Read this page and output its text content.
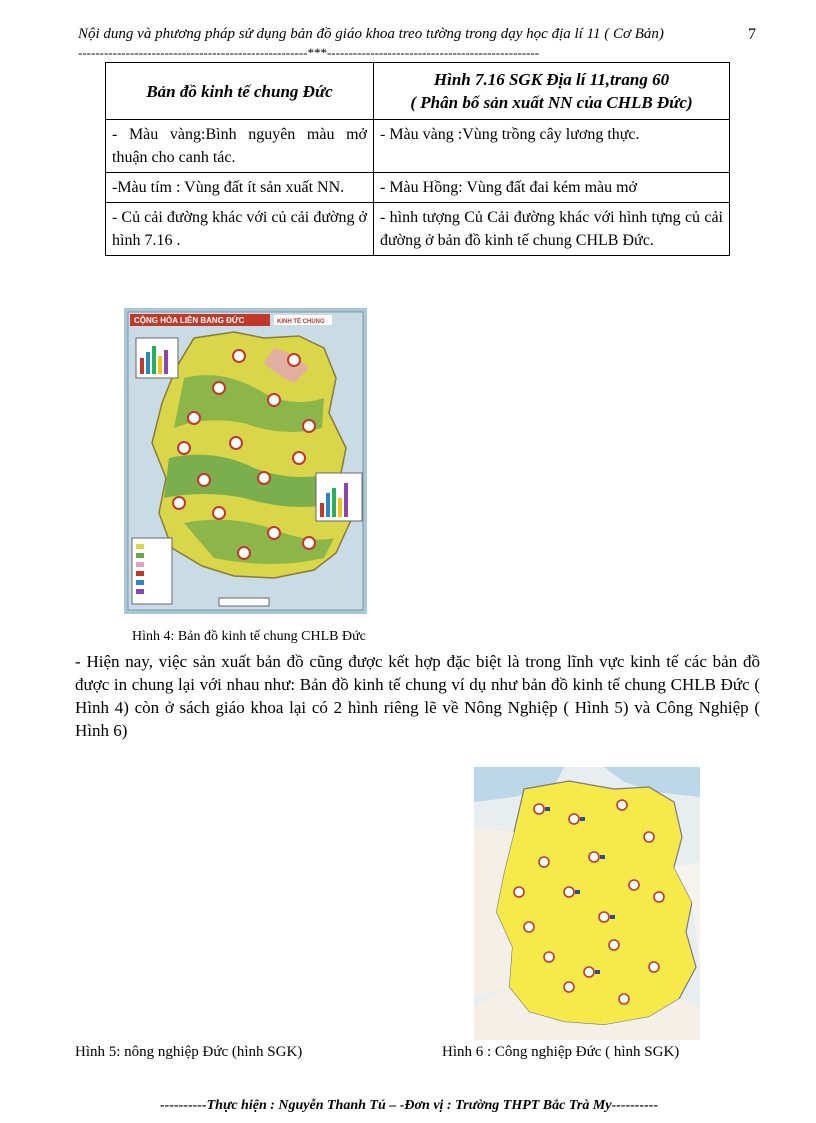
Nội dung và phương pháp sử dụng bản đồ giáo khoa treo tường trong dạy học địa lí 11 ( Cơ Bản)	7
-----------------------------------------------------***-------------------------------------------------
Bản đồ kinh tế chung Đức	Hình 7.16 SGK Địa lí 11,trang 60
( Phân bố sản xuất NN của CHLB Đức)

- Màu vàng:Bình nguyên màu mở thuận cho canh tác.	- Màu vàng :Vùng trồng cây lương thực.
-Màu tím : Vùng đất ít sản xuất NN.	- Màu Hồng: Vùng đất đai kém màu mở
- Củ cải đường khác với củ cải đường ở hình 7.16 .	- hình tượng Củ Cải đường khác với hình tựng củ cải đường ở bản đồ kinh tế chung CHLB Đức.
CỘNG HÒA LIÊN BANG ĐỨC	KINH TẾ CHUNG
Hình 4: Bản đồ kinh tế chung CHLB Đức
- Hiện nay, việc sản xuất bản đồ cũng được kết hợp đặc biệt là trong lĩnh vực kinh tế các bản đồ được in chung lại với nhau như: Bản đồ kinh tế chung ví dụ như bản đồ kinh tế chung CHLB Đức ( Hình 4) còn ở sách giáo khoa lại có 2 hình riêng lẽ về Nông Nghiệp ( Hình 5) và Công Nghiệp ( Hình 6)
Hình 5: nông nghiệp Đức (hình SGK)	Hình 6 : Công nghiệp Đức ( hình SGK)
----------Thực hiện : Nguyễn Thanh Tú – -Đơn vị : Trường THPT Bắc Trà My----------
